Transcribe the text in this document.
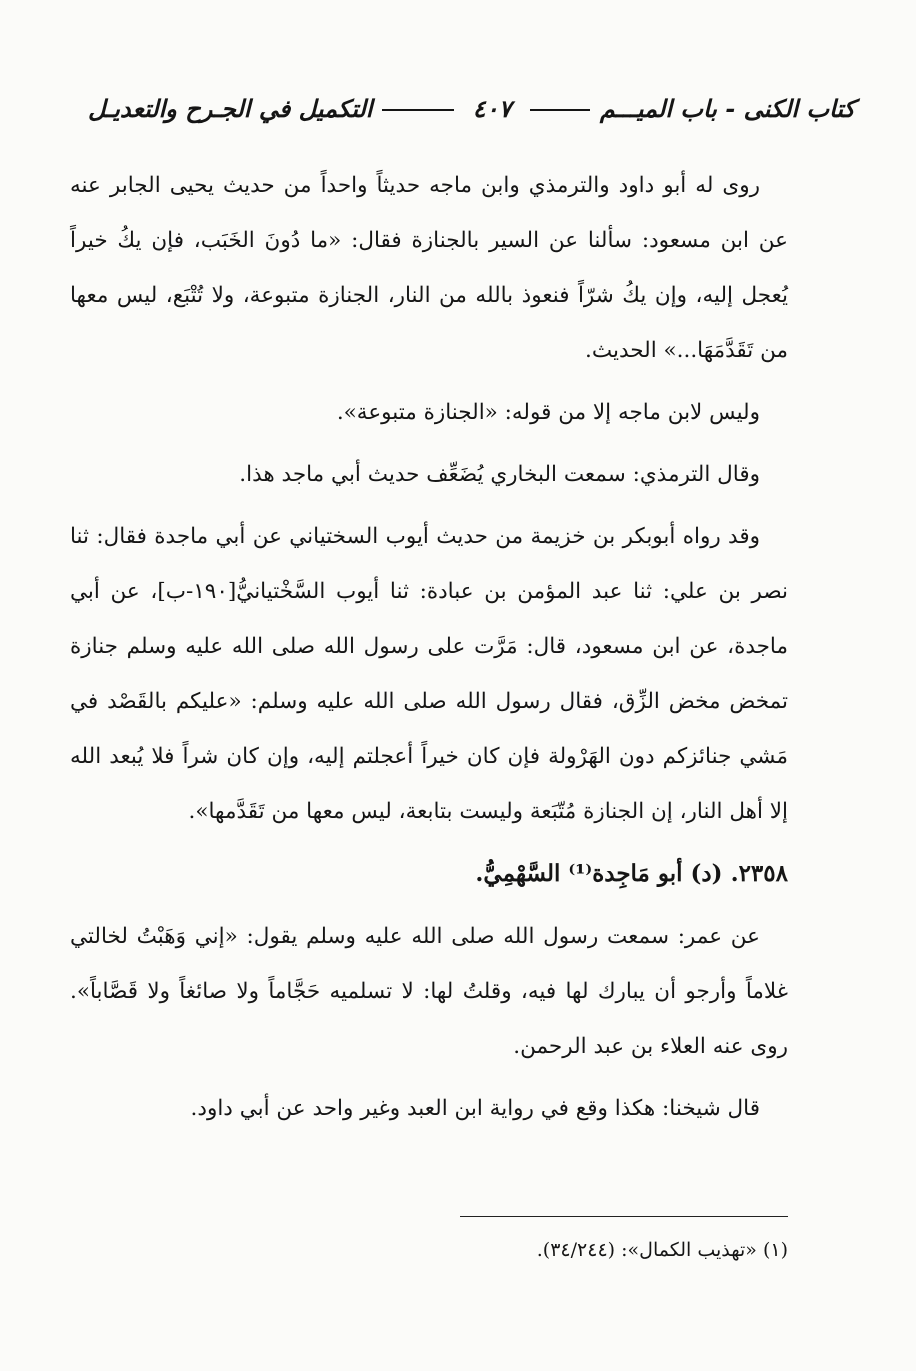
التكميل في الجـرح والتعديـل	٤٠٧	كتاب الكنى - باب الميـــم

روى له أبو داود والترمذي وابن ماجه حديثاً واحداً من حديث يحيى الجابر عنه عن ابن مسعود: سألنا عن السير بالجنازة فقال: «ما دُونَ الخَبَب، فإن يكُ خيراً يُعجل إليه، وإن يكُ شرّاً فنعوذ بالله من النار، الجنازة متبوعة، ولا تُتْبَع، ليس معها من تَقَدَّمَهَا...» الحديث.

وليس لابن ماجه إلا من قوله: «الجنازة متبوعة».

وقال الترمذي: سمعت البخاري يُضَعِّف حديث أبي ماجد هذا.

وقد رواه أبوبكر بن خزيمة من حديث أيوب السختياني عن أبي ماجدة فقال: ثنا نصر بن علي: ثنا عبد المؤمن بن عبادة: ثنا أيوب السَّخْتيانيُّ[١٩٠-ب]، عن أبي ماجدة، عن ابن مسعود، قال: مَرَّت على رسول الله صلى الله عليه وسلم جنازة تمخض مخض الزِّق، فقال رسول الله صلى الله عليه وسلم: «عليكم بالقَصْد في مَشي جنائزكم دون الهَرْولة فإن كان خيراً أعجلتم إليه، وإن كان شراً فلا يُبعد الله إلا أهل النار، إن الجنازة مُتّبَعة وليست بتابعة، ليس معها من تَقَدَّمها».

٢٣٥٨. (د) أبو مَاجِدة⁽¹⁾ السَّهْمِيُّ.

عن عمر: سمعت رسول الله صلى الله عليه وسلم يقول: «إني وَهَبْتُ لخالتي غلاماً وأرجو أن يبارك لها فيه، وقلتُ لها: لا تسلميه حَجَّاماً ولا صائغاً ولا قَصَّاباً». روى عنه العلاء بن عبد الرحمن.

قال شيخنا: هكذا وقع في رواية ابن العبد وغير واحد عن أبي داود.

(١) «تهذيب الكمال»: (٣٤/٢٤٤).
